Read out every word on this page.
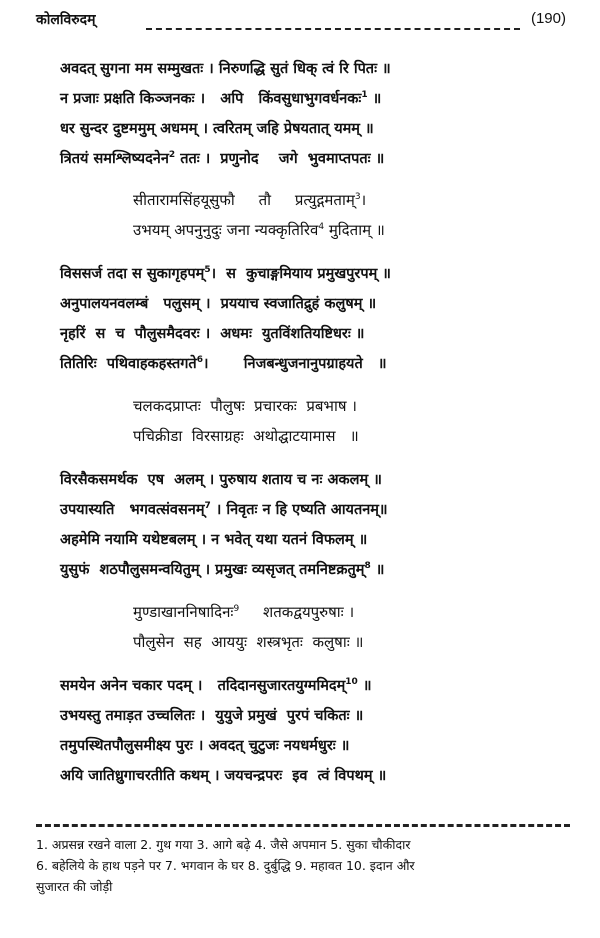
कोलविरुदम्	(190)
अवदत् सुगना मम सम्मुखतः । निरुणद्धि सुतं धिक् त्वं रि पितः ॥
न प्रजाः प्रक्षति किञ्जनकः ।   अपि   किंवसुधाभुगवर्धनकः$^1$ ॥
धर सुन्दर दुष्टममुम् अधमम् । त्वरितम् जहि प्रेषयतात् यमम् ॥
त्रितयं समश्लिष्यदनेन$^2$ ततः ।  प्रणुनोद    जगे  भुवमाप्तपतः ॥
सीतारामसिंहयूसुफौ     तौ     प्रत्युद्गमताम्$^3$।
उभयम् अपनुनुदुः जना न्यक्कृतिरिव$^4$ मुदिताम् ॥
विससर्ज तदा स सुकागृहपम्$^5$।  स  कुचाङ्गमियाय प्रमुखपुरपम् ॥
अनुपालयनवलम्बं   पलुसम् ।  प्रययाच स्वजातिद्रुहं कलुषम् ॥
नृहरिं  स  च  पौलुसमैदवरः ।  अधमः  युतविंशतियष्टिधरः ॥
तितिरिः  पथिवाहकहस्तगते$^6$।       निजबन्धुजनानुपग्राहयते   ॥
चलकदप्राप्तः  पौलुषः  प्रचारकः  प्रबभाष ।
पचिक्रीडा  विरसाग्रहः  अथोद्घाटयामास   ॥
विरसैकसमर्थक  एष  अलम् । पुरुषाय शताय च नः अकलम् ॥
उपयास्यति   भगवत्संवसनम्$^7$ । निवृतः न हि एष्यति आयतनम्॥
अहमेमि नयामि यथेष्टबलम् । न भवेत् यथा यतनं विफलम् ॥
युसुफं  शठपौलुसमन्वयितुम् । प्रमुखः व्यसृजत् तमनिष्टक्रतुम्$^8$ ॥
मुण्डाखाननिषादिनः$^9$     शतकद्वयपुरुषाः ।
पौलुसेन  सह  आययुः  शस्त्रभृतः  कलुषाः ॥
समयेन अनेन चकार पदम् ।   तदिदानसुजारतयुग्ममिदम्$^{10}$ ॥
उभयस्तु तमाड़त उच्चलितः ।  युयुजे प्रमुखं  पुरपं चकितः ॥
तमुपस्थितपौलुसमीक्ष्य पुरः । अवदत् चुटुजः नयधर्मधुरः ॥
अयि जातिध्रुगाचरतीति कथम् । जयचन्द्रपरः  इव  त्वं विपथम् ॥
1. अप्रसन्न रखने वाला 2. गुथ गया 3. आगे बढ़े 4. जैसे अपमान 5. सुका चौकीदार
6. बहेलिये के हाथ पड़ने पर 7. भगवान के घर 8. दुर्बुद्धि 9. महावत 10. इदान और
सुजारत की जोड़ी
